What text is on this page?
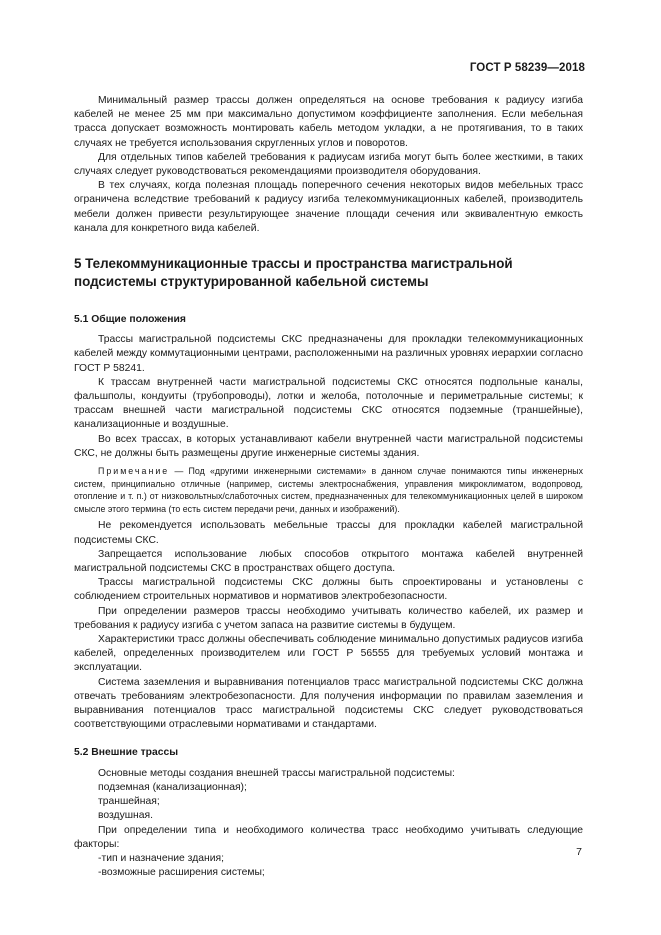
ГОСТ Р 58239—2018

Минимальный размер трассы должен определяться на основе требования к радиусу изгиба кабелей не менее 25 мм при максимально допустимом коэффициенте заполнения. Если мебельная трасса допускает возможность монтировать кабель методом укладки, а не протягивания, то в таких случаях не требуется использования скругленных углов и поворотов.

Для отдельных типов кабелей требования к радиусам изгиба могут быть более жесткими, в таких случаях следует руководствоваться рекомендациями производителя оборудования.

В тех случаях, когда полезная площадь поперечного сечения некоторых видов мебельных трасс ограничена вследствие требований к радиусу изгиба телекоммуникационных кабелей, производитель мебели должен привести результирующее значение площади сечения или эквивалентную емкость канала для конкретного вида кабелей.

5 Телекоммуникационные трассы и пространства магистральной
подсистемы структурированной кабельной системы
5.1 Общие положения

Трассы магистральной подсистемы СКС предназначены для прокладки телекоммуникационных кабелей между коммутационными центрами, расположенными на различных уровнях иерархии согласно ГОСТ Р 58241.

К трассам внутренней части магистральной подсистемы СКС относятся подпольные каналы, фальшполы, кондуиты (трубопроводы), лотки и желоба, потолочные и периметральные системы; к трассам внешней части магистральной подсистемы СКС относятся подземные (траншейные), канализационные и воздушные.

Во всех трассах, в которых устанавливают кабели внутренней части магистральной подсистемы СКС, не должны быть размещены другие инженерные системы здания.

Примечание — Под «другими инженерными системами» в данном случае понимаются типы инженерных систем, принципиально отличные (например, системы электроснабжения, управления микроклиматом, водопровод, отопление и т. п.) от низковольтных/слаботочных систем, предназначенных для телекоммуникационных целей в широком смысле этого термина (то есть систем передачи речи, данных и изображений).

Не рекомендуется использовать мебельные трассы для прокладки кабелей магистральной подсистемы СКС.

Запрещается использование любых способов открытого монтажа кабелей внутренней магистральной подсистемы СКС в пространствах общего доступа.

Трассы магистральной подсистемы СКС должны быть спроектированы и установлены с соблюдением строительных нормативов и нормативов электробезопасности.

При определении размеров трассы необходимо учитывать количество кабелей, их размер и требования к радиусу изгиба с учетом запаса на развитие системы в будущем.

Характеристики трасс должны обеспечивать соблюдение минимально допустимых радиусов изгиба кабелей, определенных производителем или ГОСТ Р 56555 для требуемых условий монтажа и эксплуатации.

Система заземления и выравнивания потенциалов трасс магистральной подсистемы СКС должна отвечать требованиям электробезопасности. Для получения информации по правилам заземления и выравнивания потенциалов трасс магистральной подсистемы СКС следует руководствоваться соответствующими отраслевыми нормативами и стандартами.

5.2 Внешние трассы

Основные методы создания внешней трассы магистральной подсистемы:

подземная (канализационная);

траншейная;

воздушная.

При определении типа и необходимого количества трасс необходимо учитывать следующие факторы:

-тип и назначение здания;

-возможные расширения системы;

7
